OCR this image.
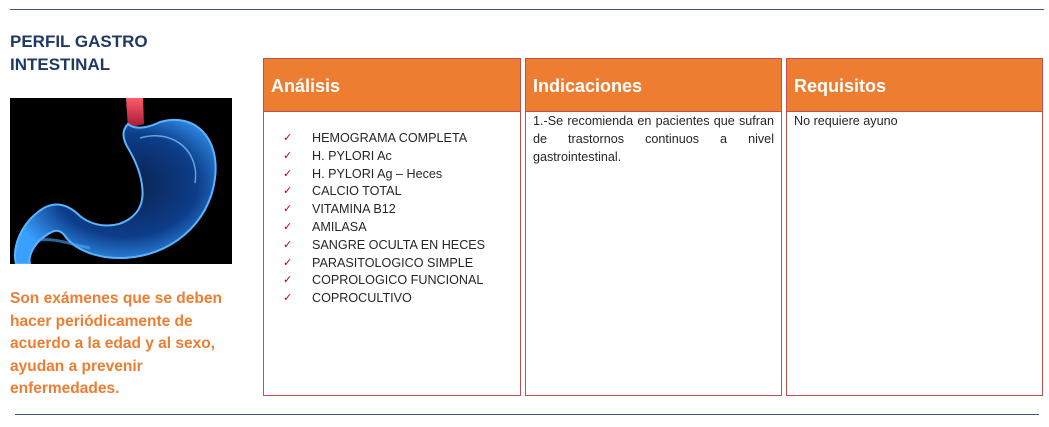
PERFIL GASTRO
INTESTINAL
Son exámenes que se deben
hacer periódicamente de
acuerdo a la edad y al sexo,
ayudan a prevenir
enfermedades.
Análisis
✓ HEMOGRAMA COMPLETA
✓ H. PYLORI Ac
✓ H. PYLORI Ag – Heces
✓ CALCIO TOTAL
✓ VITAMINA B12
✓ AMILASA
✓ SANGRE OCULTA EN HECES
✓ PARASITOLOGICO SIMPLE
✓ COPROLOGICO FUNCIONAL
✓ COPROCULTIVO
Indicaciones
1.-Se recomienda en pacientes que sufran de trastornos continuos a nivel gastrointestinal.
Requisitos
No requiere ayuno
